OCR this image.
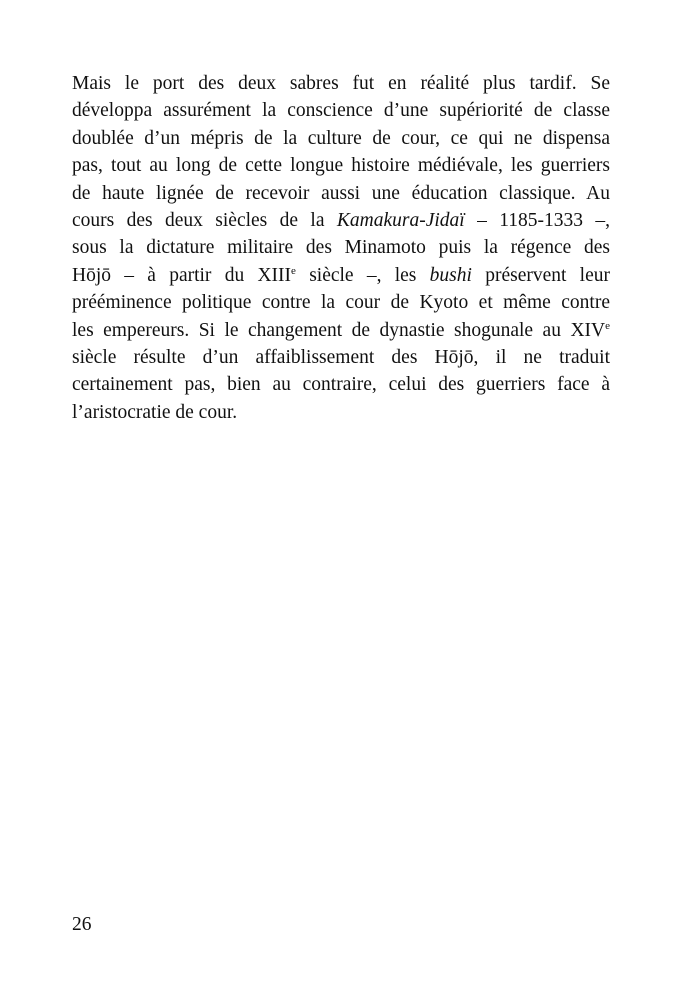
Mais le port des deux sabres fut en réalité plus tardif. Se
développa assurément la conscience d’une supériorité de classe
doublée d’un mépris de la culture de cour, ce qui ne dispensa
pas, tout au long de cette longue histoire médiévale, les guerriers
de haute lignée de recevoir aussi une éducation classique. Au
cours des deux siècles de la Kamakura-Jidaï – 1185-1333 –,
sous la dictature militaire des Minamoto puis la régence des
Hōjō – à partir du XIIIe siècle –, les bushi préservent leur
prééminence politique contre la cour de Kyoto et même contre
les empereurs. Si le changement de dynastie shogunale au XIVe
siècle résulte d’un affaiblissement des Hōjō, il ne traduit
certainement pas, bien au contraire, celui des guerriers face à
l’aristocratie de cour.
26
